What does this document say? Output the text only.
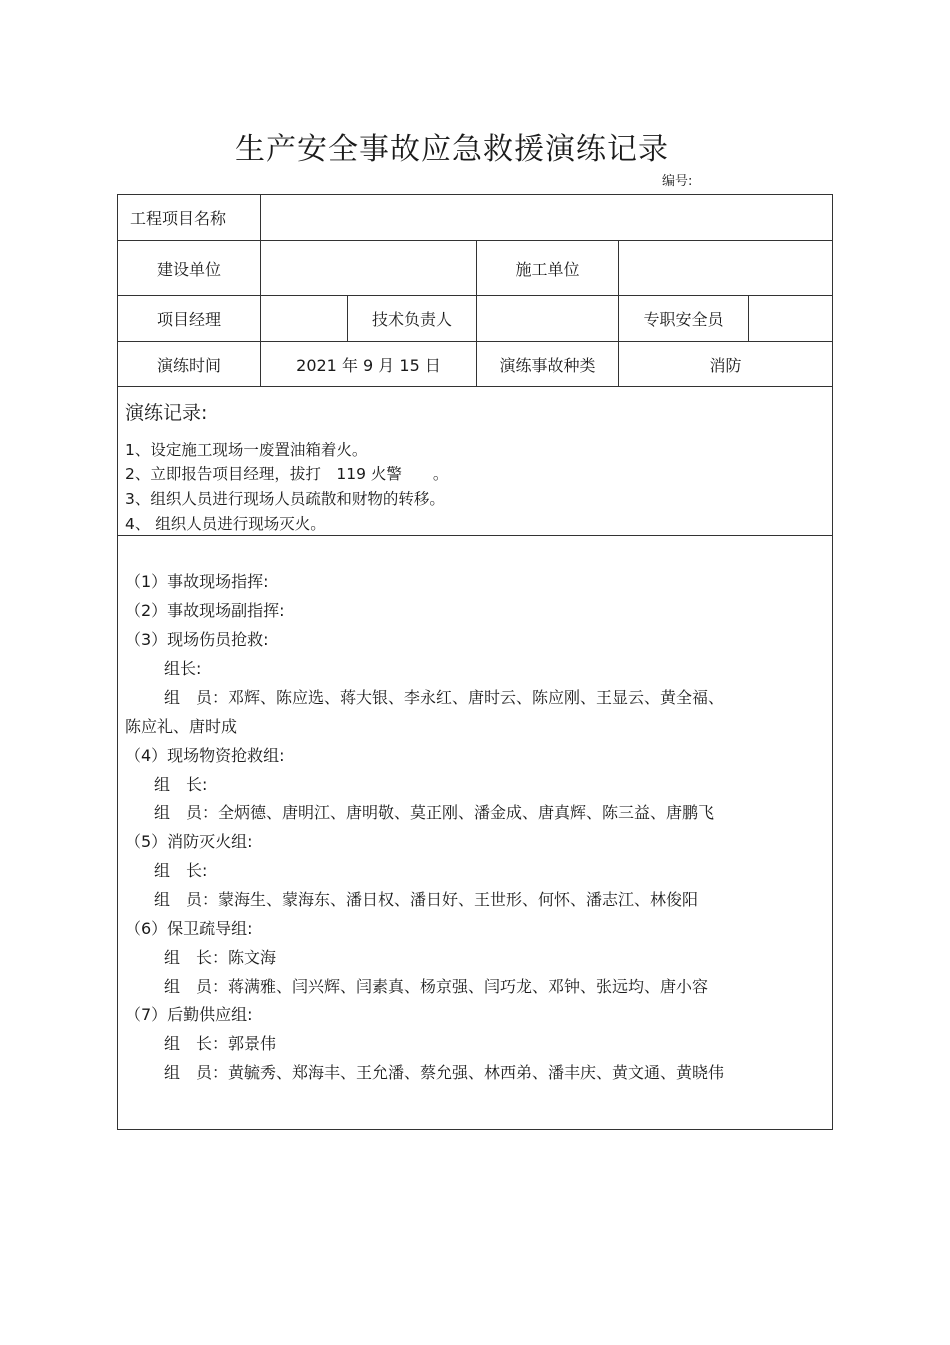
生产安全事故应急救援演练记录
编号:
工程项目名称
建设单位	施工单位
项目经理	技术负责人	专职安全员
演练时间	2021 年 9 月 15 日	演练事故种类	消防
演练记录:
1、设定施工现场一废置油箱着火。
2、立即报告项目经理，拔打　119 火警　　。
3、组织人员进行现场人员疏散和财物的转移。
4、 组织人员进行现场灭火。
（1）事故现场指挥:
（2）事故现场副指挥:
（3）现场伤员抢救:
组长:
组　员：邓辉、陈应选、蒋大银、李永红、唐时云、陈应刚、王显云、黄全福、
陈应礼、唐时成
（4）现场物资抢救组:
组　长:
组　员：全炳德、唐明江、唐明敬、莫正刚、潘金成、唐真辉、陈三益、唐鹏飞
（5）消防灭火组:
组　长:
组　员：蒙海生、蒙海东、潘日权、潘日好、王世形、何怀、潘志江、林俊阳
（6）保卫疏导组:
组　长：陈文海
组　员：蒋满雅、闫兴辉、闫素真、杨京强、闫巧龙、邓钟、张远均、唐小容
（7）后勤供应组:
组　长：郭景伟
组　员：黄毓秀、郑海丰、王允潘、蔡允强、林西弟、潘丰庆、黄文通、黄晓伟
